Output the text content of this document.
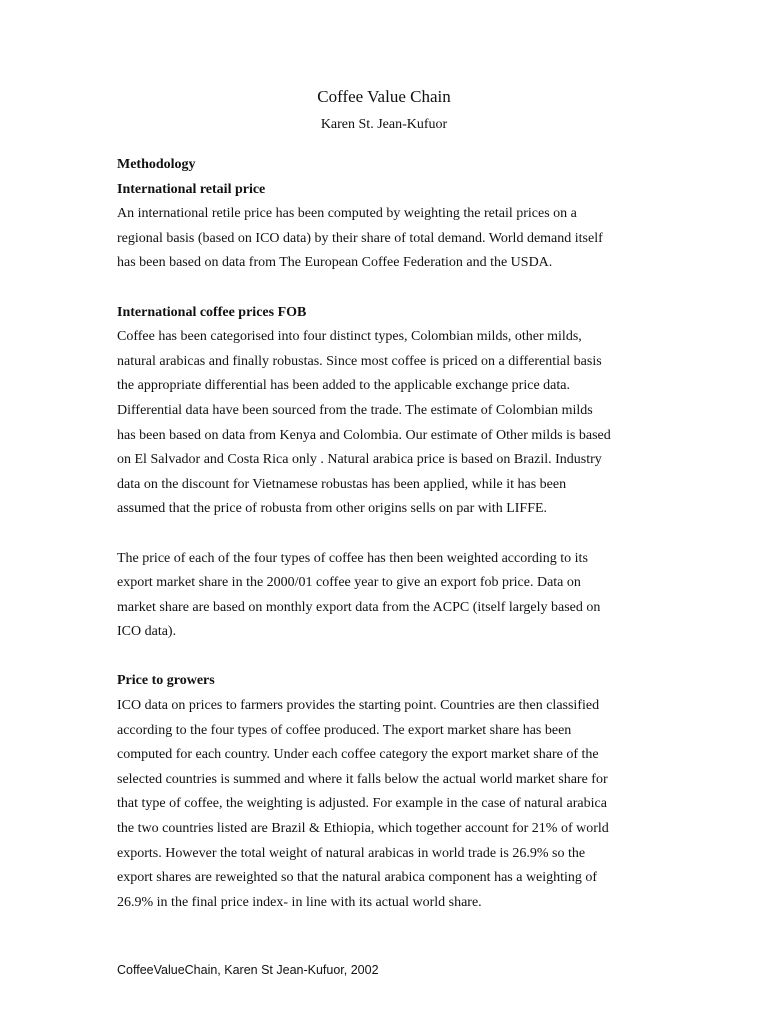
Coffee Value Chain
Karen St. Jean-Kufuor
Methodology
International retail price
An international retile price has been computed by weighting the retail prices on a
regional basis (based on ICO data) by their share of total demand. World demand itself
has been based on data from The European Coffee Federation and the USDA.
International coffee prices FOB
Coffee has been categorised into four distinct types, Colombian milds, other milds,
natural arabicas and finally robustas. Since most coffee is priced on a differential basis
the appropriate differential has been added to the applicable exchange price data.
Differential data have been sourced from the trade. The estimate of Colombian milds
has been based on data from Kenya and Colombia. Our estimate of Other milds is based
on El Salvador and Costa Rica only . Natural arabica price is based on Brazil. Industry
data on the discount for Vietnamese robustas has been applied, while it has been
assumed that the price of robusta from other origins sells on par with LIFFE.
The price of each of the four types of coffee has then been weighted according to its
export market share in the 2000/01 coffee year to give an export fob price. Data on
market share are based on monthly export data from the ACPC (itself largely based on
ICO data).
Price to growers
ICO data on prices to farmers provides the starting point. Countries are then classified
according to the four types of coffee produced. The export market share has been
computed for each country. Under each coffee category the export market share of the
selected countries is summed and where it falls below the actual world market share for
that type of coffee, the weighting is adjusted. For example in the case of natural arabica
the two countries listed are Brazil & Ethiopia, which together account for 21% of world
exports. However the total weight of natural arabicas in world trade is 26.9% so the
export shares are reweighted so that the natural arabica component has a weighting of
26.9% in the final price index- in line with its actual world share.
CoffeeValueChain, Karen St Jean-Kufuor, 2002
